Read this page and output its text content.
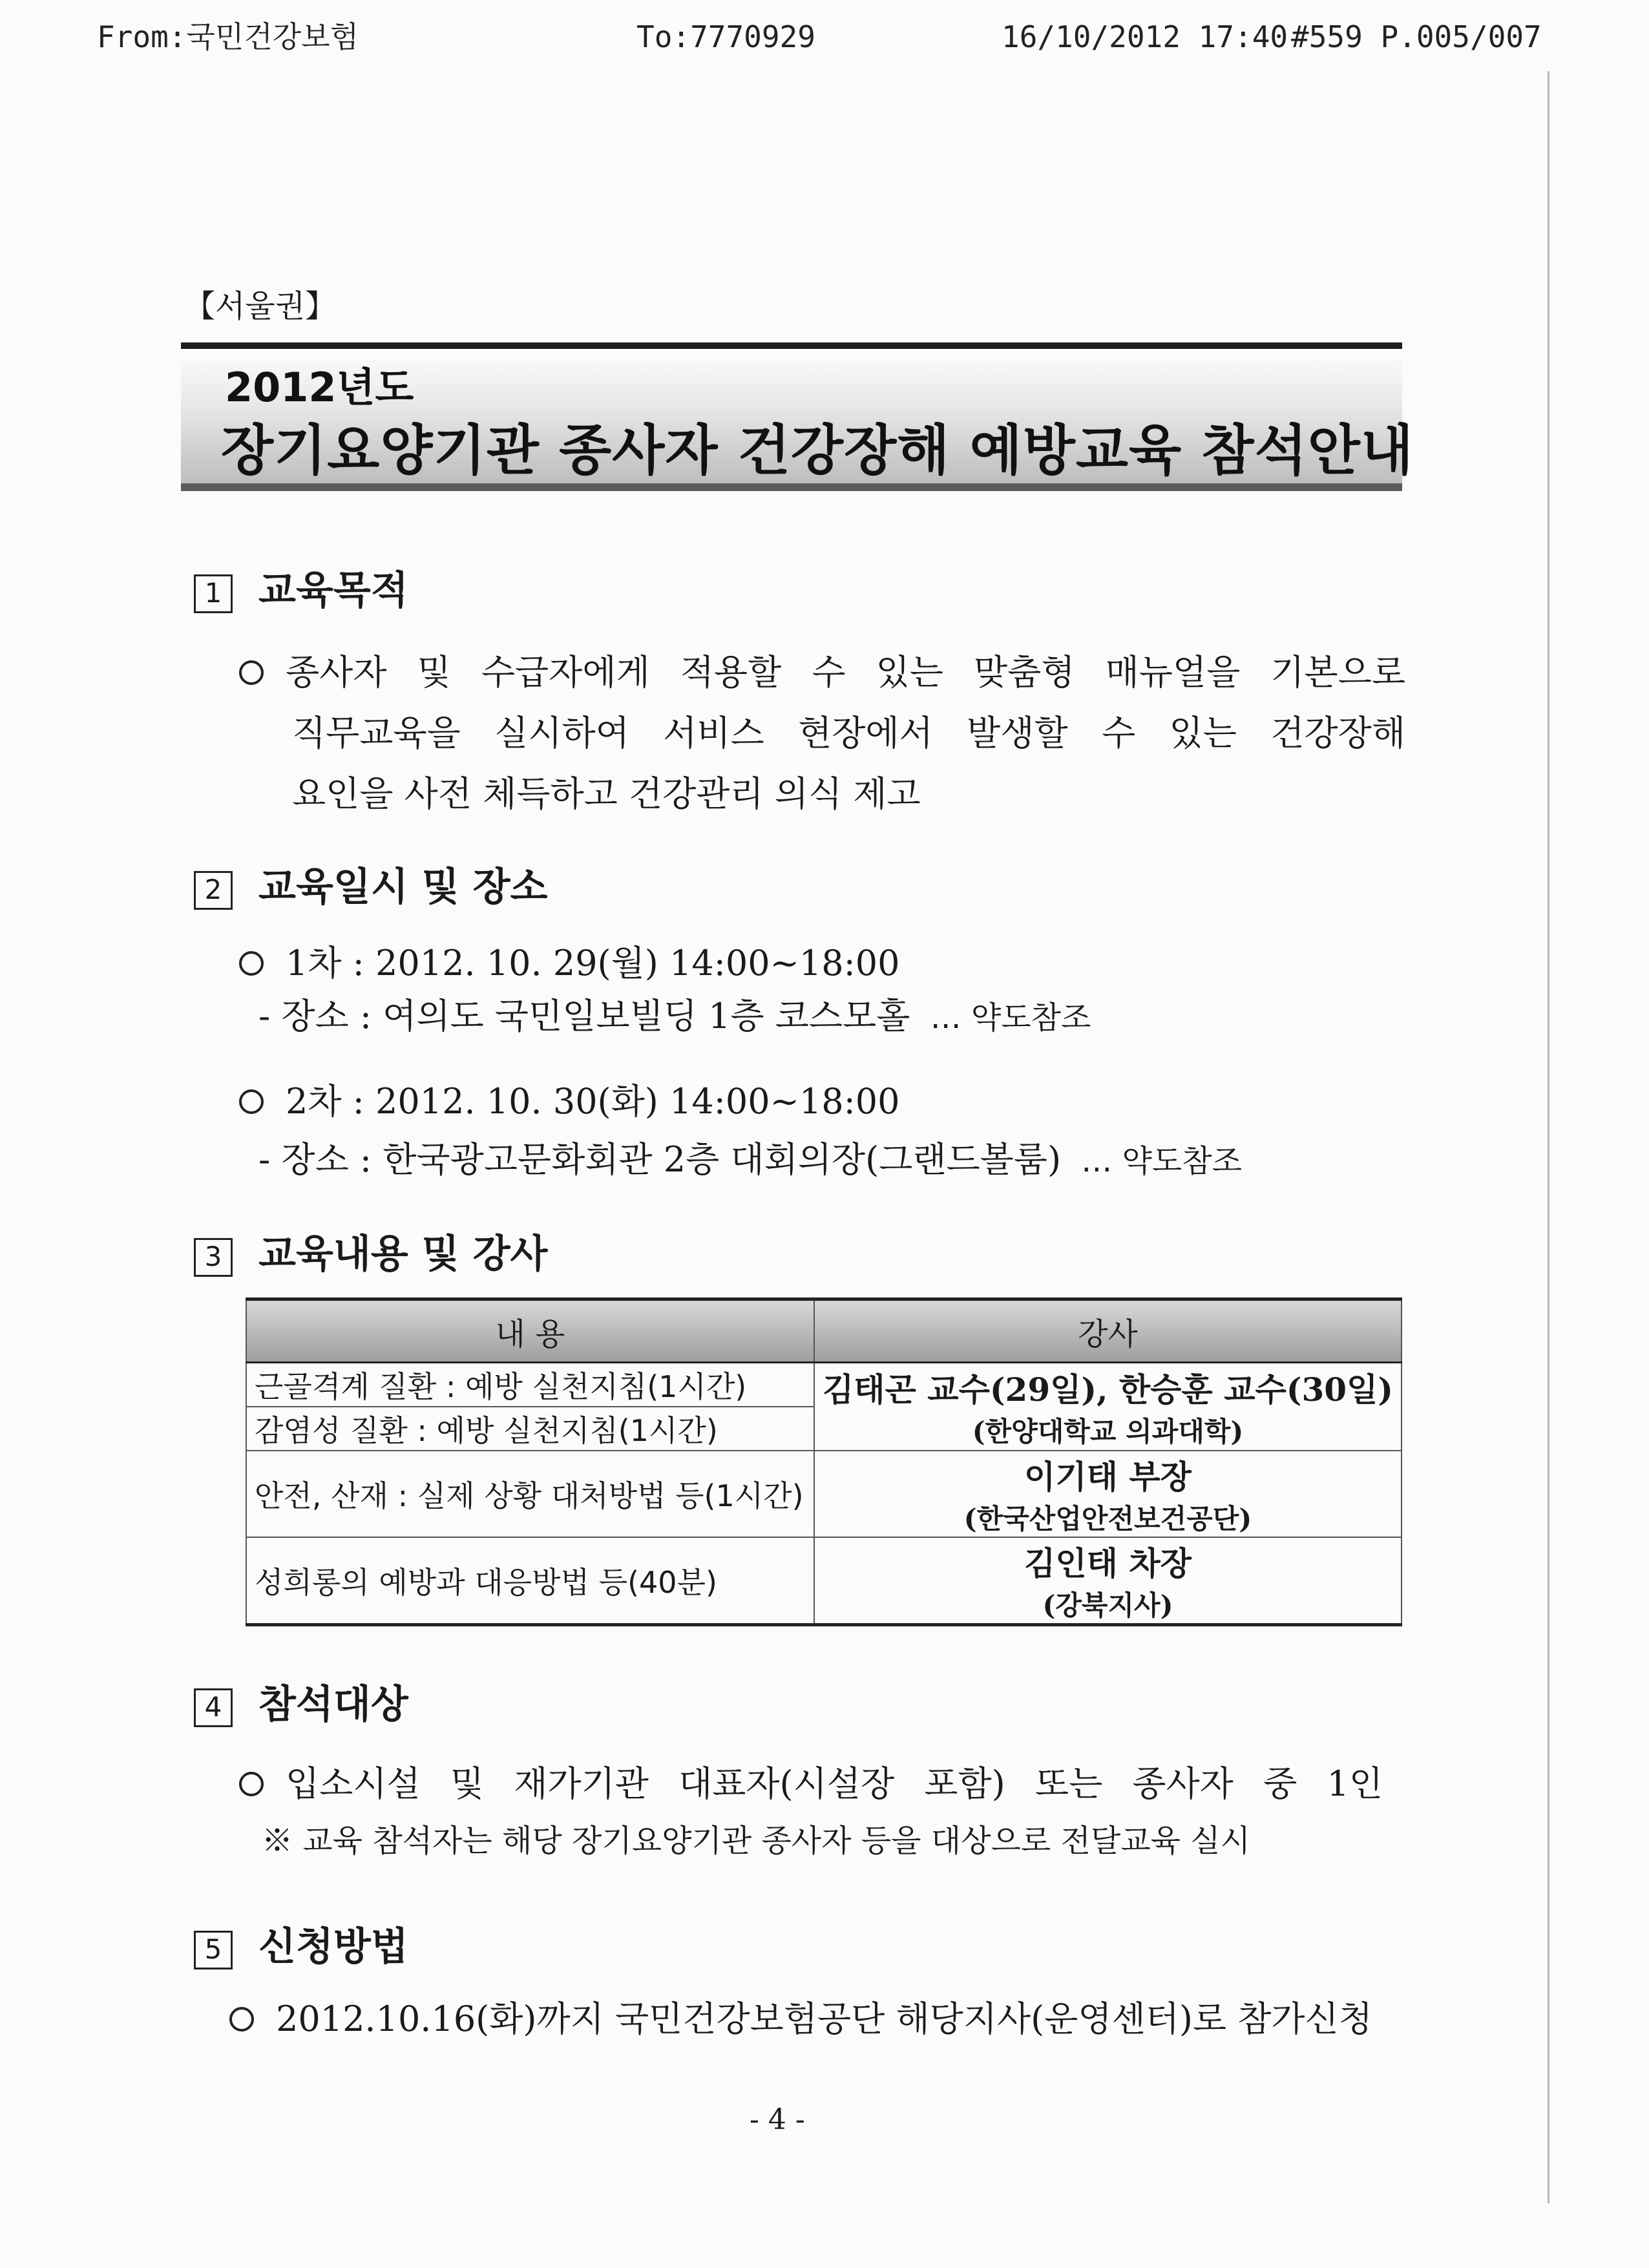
From:국민건강보험	To:7770929	16/10/2012 17:40 #559 P.005/007
【서울권】
2012년도
장기요양기관 종사자 건강장해 예방교육 참석안내
1 교육목적
종사자 및 수급자에게 적용할 수 있는 맞춤형 매뉴얼을 기본으로
직무교육을 실시하여 서비스 현장에서 발생할 수 있는 건강장해
요인을 사전 체득하고 건강관리 의식 제고
2 교육일시 및 장소
1차 : 2012. 10. 29(월) 14:00~18:00
- 장소 : 여의도 국민일보빌딩 1층 코스모홀 … 약도참조
2차 : 2012. 10. 30(화) 14:00~18:00
- 장소 : 한국광고문화회관 2층 대회의장(그랜드볼룸) … 약도참조
3 교육내용 및 강사
내 용	강사
근골격계 질환 : 예방 실천지침(1시간)	김태곤 교수(29일), 한승훈 교수(30일)
(한양대학교 의과대학)

감염성 질환 : 예방 실천지침(1시간)	
안전, 산재 : 실제 상황 대처방법 등(1시간)	이기태 부장
(한국산업안전보건공단)

성희롱의 예방과 대응방법 등(40분)	김인태 차장
(강북지사)
4 참석대상
입소시설 및 재가기관 대표자(시설장 포함) 또는 종사자 중 1인
※ 교육 참석자는 해당 장기요양기관 종사자 등을 대상으로 전달교육 실시
5 신청방법
2012.10.16(화)까지 국민건강보험공단 해당지사(운영센터)로 참가신청
- 4 -
